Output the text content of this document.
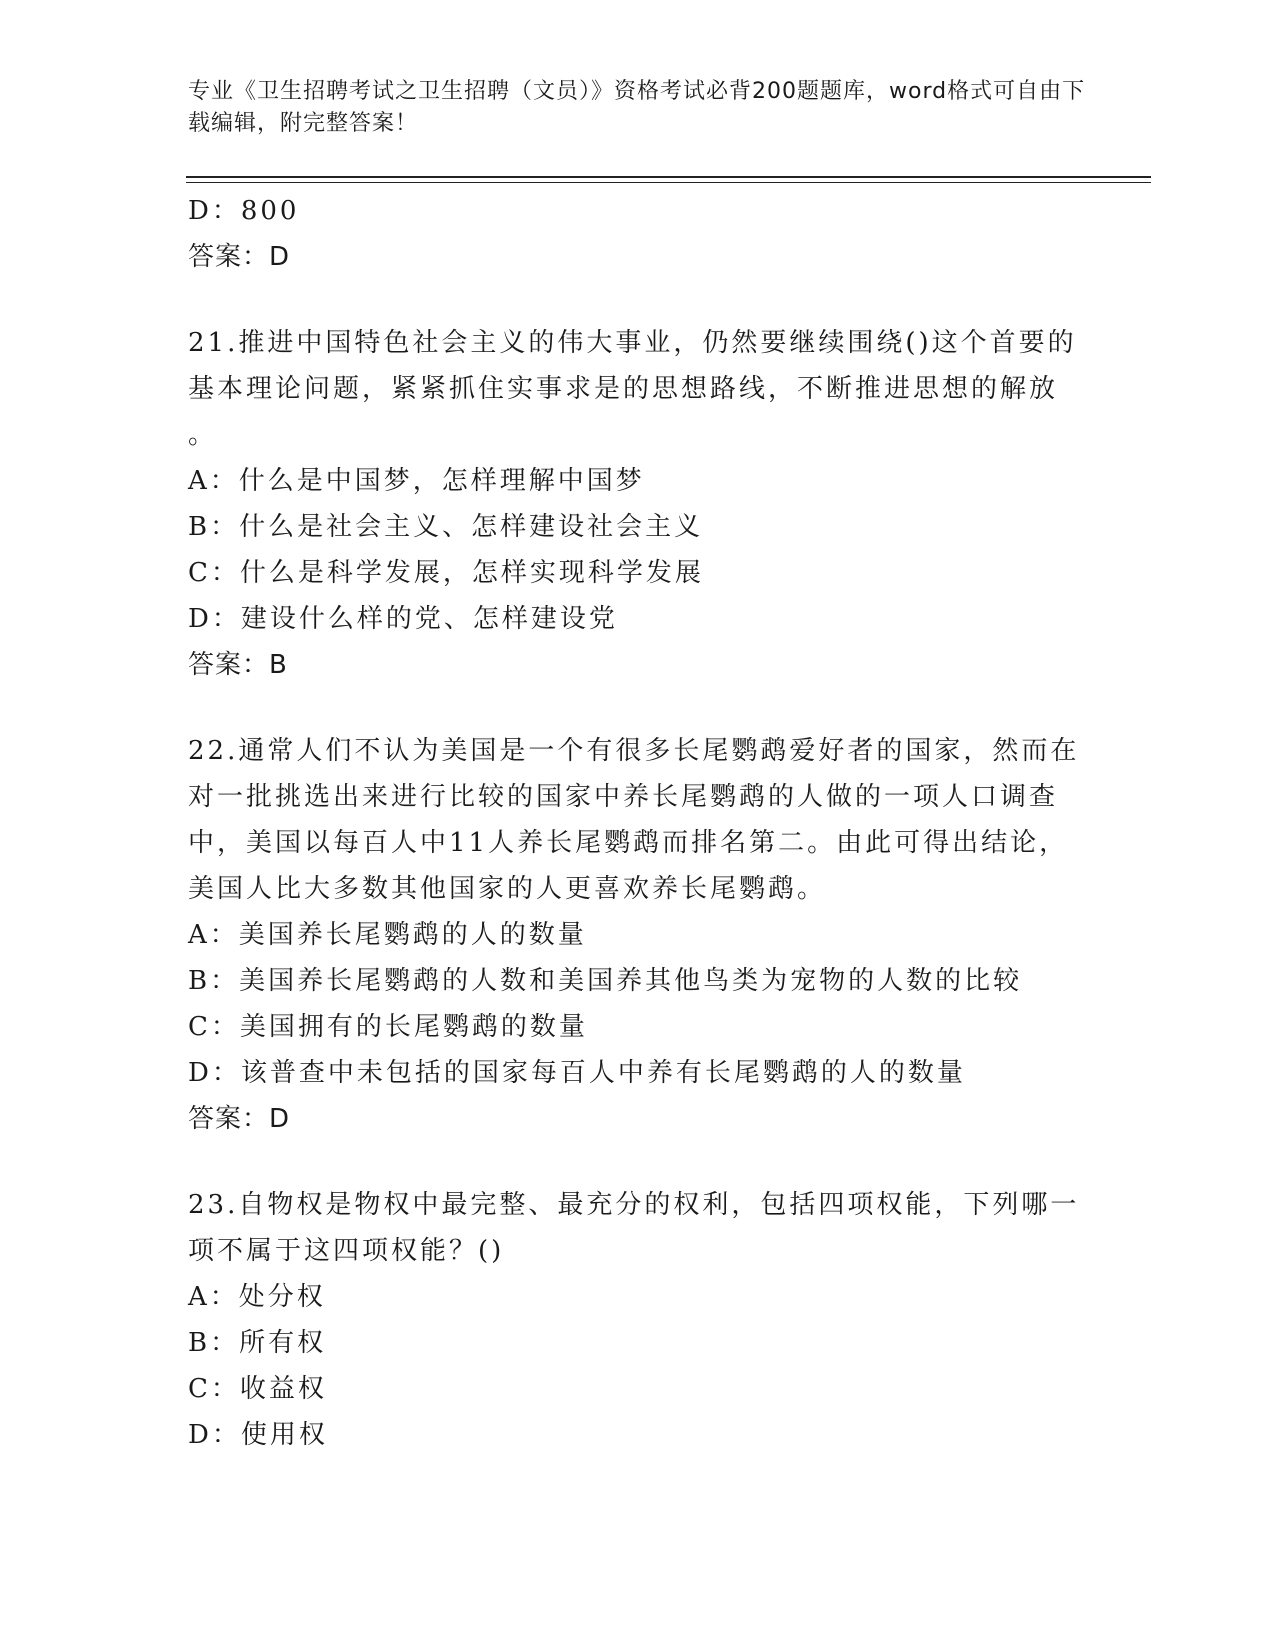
专业《卫生招聘考试之卫生招聘（文员）》资格考试必背200题题库，word格式可自由下载编辑，附完整答案！
D：800
答案：D
21.推进中国特色社会主义的伟大事业，仍然要继续围绕()这个首要的
基本理论问题，紧紧抓住实事求是的思想路线，不断推进思想的解放
。
A：什么是中国梦，怎样理解中国梦
B：什么是社会主义、怎样建设社会主义
C：什么是科学发展，怎样实现科学发展
D：建设什么样的党、怎样建设党
答案：B
22.通常人们不认为美国是一个有很多长尾鹦鹉爱好者的国家，然而在
对一批挑选出来进行比较的国家中养长尾鹦鹉的人做的一项人口调查
中，美国以每百人中11人养长尾鹦鹉而排名第二。由此可得出结论，
美国人比大多数其他国家的人更喜欢养长尾鹦鹉。
A：美国养长尾鹦鹉的人的数量
B：美国养长尾鹦鹉的人数和美国养其他鸟类为宠物的人数的比较
C：美国拥有的长尾鹦鹉的数量
D：该普查中未包括的国家每百人中养有长尾鹦鹉的人的数量
答案：D
23.自物权是物权中最完整、最充分的权利，包括四项权能，下列哪一
项不属于这四项权能？()
A：处分权
B：所有权
C：收益权
D：使用权
